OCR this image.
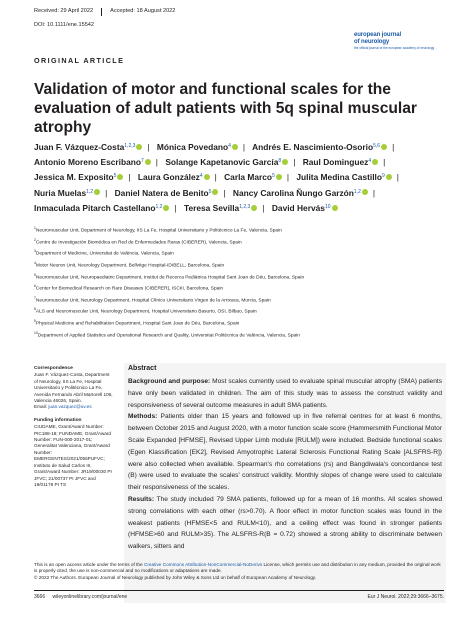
Received: 29 April 2022	Accepted: 18 August 2022
DOI: 10.1111/ene.15542
european journal
of neurology
the official journal of the european academy of neurology
ORIGINAL ARTICLE
Validation of motor and functional scales for the evaluation of adult patients with 5q spinal muscular atrophy
Juan F. Vázquez-Costa$^{1,2,3}$ | Mónica Povedano$^4$ | Andrés E. Nascimiento-Osorio$^{5,6}$ | Antonio Moreno Escribano$^7$ | Solange Kapetanovic García$^8$ | Raul Dominguez$^4$ | Jessica M. Exposito$^5$ | Laura González$^4$ | Carla Marco$^5$ | Julita Medina Castillo$^9$ | Nuria Muelas$^{1,2}$ | Daniel Natera de Benito$^5$ | Nancy Carolina Ñungo Garzón$^{1,2}$ | Inmaculada Pitarch Castellano$^{1,2}$ | Teresa Sevilla$^{1,2,3}$ | David Hervás$^{10}$
$^1$Neuromuscular Unit, Department of Neurology, IIS La Fe, Hospital Universitario y Politécnico La Fe, Valencia, Spain
$^2$Centro de Investigación Biomédica en Red de Enfermedades Raras (CIBERER), Valencia, Spain
$^3$Department of Medicine, Universitat de València, Valencia, Spain
$^4$Motor Neuron Unit, Neurology Department, Bellvitge Hospital-IDIBELL, Barcelona, Spain
$^5$Neuromuscular Unit, Neuropaediatric Department, Institut de Recerca Pediàtrica Hospital Sant Joan de Déu, Barcelona, Spain
$^6$Center for Biomedical Research on Rare Diseases (CIBERER), ISCIII, Barcelona, Spain
$^7$Neuromuscular Unit, Neurology Department, Hospital Clínico Universitario Virgen de la Arrixaca, Murcia, Spain
$^8$ALS and Neuromuscular Unit, Neurology Department, Hospital Universitario Basurto, OSI, Bilbao, Spain
$^9$Physical Medicine and Rehabilitation Department, Hospital Sant Joan de Déu, Barcelona, Spain
$^{10}$Department of Applied Statistics and Operational Research and Quality, Universitat Politècnica de València, Valencia, Spain
Correspondence
Juan F. Vázquez-Costa, Department of Neurology, IIS La Fe, Hospital Universitario y Politécnico La Fe, Avenida Fernando Abril Martorell 106, Valencia 46026, Spain.
Email: juan.vazquez@uv.es
Funding information
CIUDAME, Grant/Award Number: PIC188-18; FUNDAME, Grant/Award Number: FUN-000-2017-01; Generalitat Valenciana, Grant/Award Number: EMERGENTES/2021/055PUFVC; Instituto de Salud Carlos III, Grant/Award Number: JR19/00030 PI JFVC; 21/00737 PI JFVC and 19/01178 PI TS
Abstract
Background and purpose: Most scales currently used to evaluate spinal muscular atrophy (SMA) patients have only been validated in children. The aim of this study was to assess the construct validity and responsiveness of several outcome measures in adult SMA patients.
Methods: Patients older than 15 years and followed up in five referral centres for at least 6 months, between October 2015 and August 2020, with a motor function scale score (Hammersmith Functional Motor Scale Expanded [HFMSE], Revised Upper Limb module [RULM]) were included. Bedside functional scales (Egen Klassification [EK2], Revised Amyotrophic Lateral Sclerosis Functional Rating Scale [ALSFRS-R]) were also collected when available. Spearman's rho correlations (rs) and Bangdiwala's concordance test (B) were used to evaluate the scales' construct validity. Monthly slopes of change were used to calculate their responsiveness of the scales.
Results: The study included 79 SMA patients, followed up for a mean of 16 months. All scales showed strong correlations with each other (rs>0.70). A floor effect in motor function scales was found in the weakest patients (HFMSE<5 and RULM<10), and a ceiling effect was found in stronger patients (HFMSE>60 and RULM>35). The ALSFRS-R(B = 0.72) showed a strong ability to discriminate between walkers, sitters and
This is an open access article under the terms of the Creative Commons Attribution-NonCommercial-NoDerivs License, which permits use and distribution in any medium, provided the original work is properly cited, the use is non-commercial and no modifications or adaptations are made.
© 2022 The Authors. European Journal of Neurology published by John Wiley & Sons Ltd on behalf of European Academy of Neurology.
3666 wileyonlinelibrary.com/journal/ene	Eur J Neurol. 2022;29:3666–3675.
